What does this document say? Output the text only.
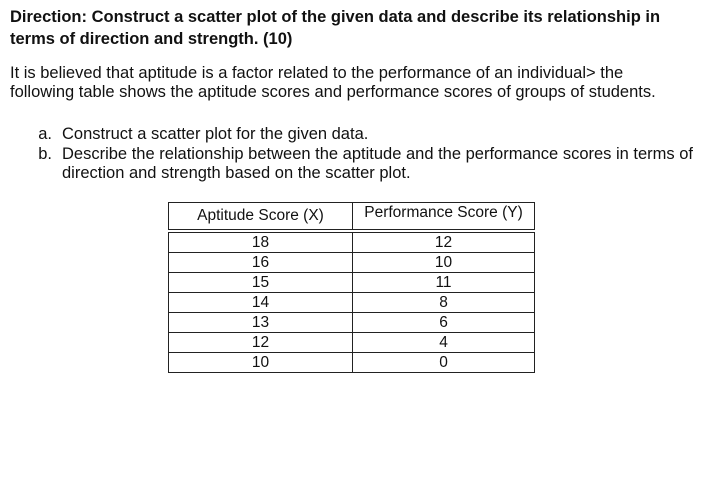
Direction: Construct a scatter plot of the given data and describe its relationship in terms of direction and strength. (10)

It is believed that aptitude is a factor related to the performance of an individual> the following table shows the aptitude scores and performance scores of groups of students.

a. Construct a scatter plot for the given data.
b. Describe the relationship between the aptitude and the performance scores in terms of direction and strength based on the scatter plot.
Aptitude Score (X)	Performance Score (Y)
18	12
16	10
15	11
14	8
13	6
12	4
10	0
